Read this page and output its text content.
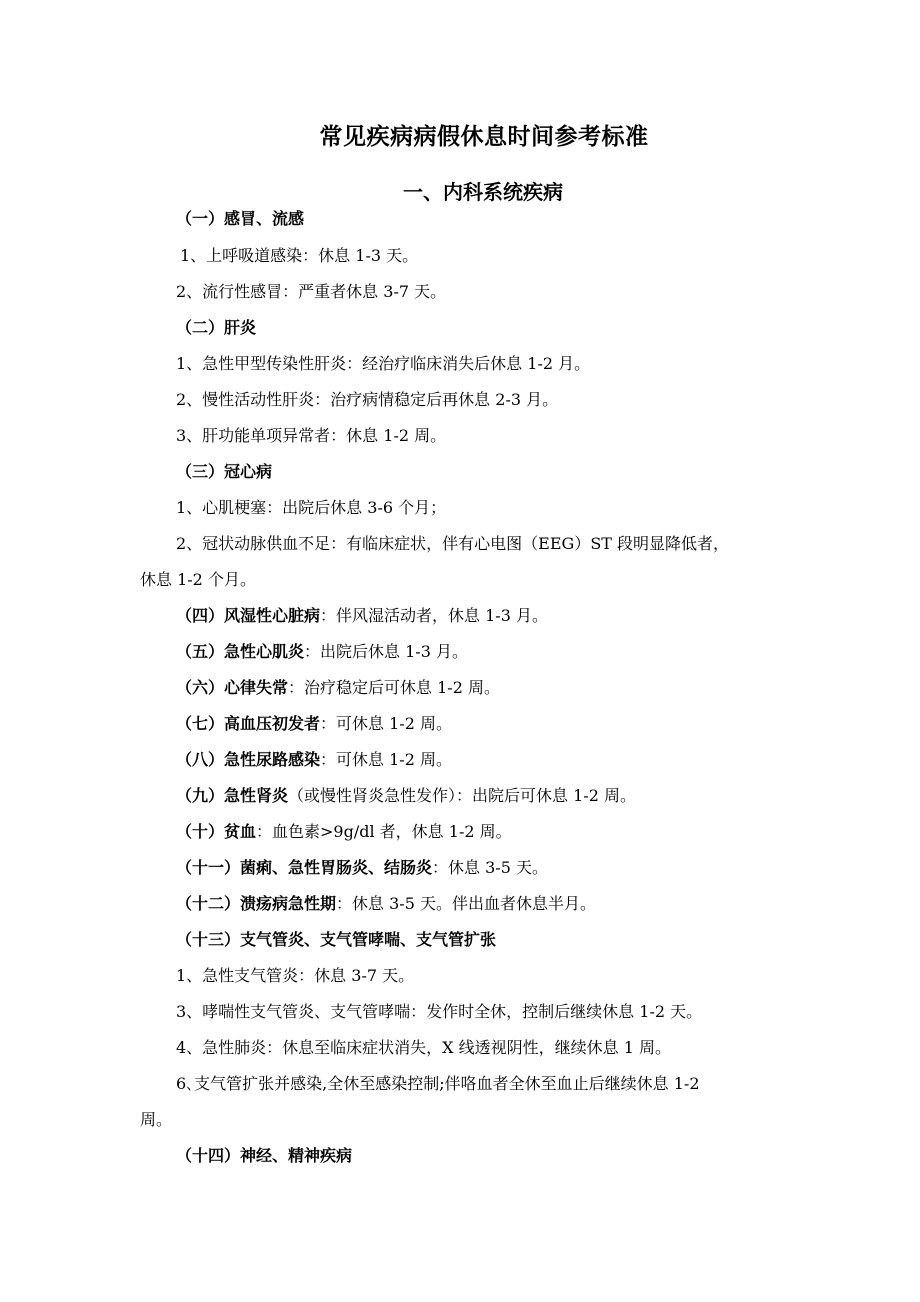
常见疾病病假休息时间参考标准
一、内科系统疾病

（一）感冒、流感

1、上呼吸道感染：休息 1-3 天。

2、流行性感冒：严重者休息 3-7 天。

（二）肝炎

1、急性甲型传染性肝炎：经治疗临床消失后休息 1-2 月。

2、慢性活动性肝炎：治疗病情稳定后再休息 2-3 月。

3、肝功能单项异常者：休息 1-2 周。

（三）冠心病

1、心肌梗塞：出院后休息 3-6 个月；

2、冠状动脉供血不足：有临床症状，伴有心电图（EEG）ST 段明显降低者，

休息 1-2 个月。

（四）风湿性心脏病：伴风湿活动者，休息 1-3 月。

（五）急性心肌炎：出院后休息 1-3 月。

（六）心律失常：治疗稳定后可休息 1-2 周。

（七）高血压初发者：可休息 1-2 周。

（八）急性尿路感染：可休息 1-2 周。

（九）急性肾炎（或慢性肾炎急性发作）：出院后可休息 1-2 周。

（十）贫血：血色素>9g/dl 者，休息 1-2 周。

（十一）菌痢、急性胃肠炎、结肠炎：休息 3-5 天。

（十二）溃疡病急性期：休息 3-5 天。伴出血者休息半月。

（十三）支气管炎、支气管哮喘、支气管扩张

1、急性支气管炎：休息 3-7 天。

3、哮喘性支气管炎、支气管哮喘：发作时全休，控制后继续休息 1-2 天。

4、急性肺炎：休息至临床症状消失，X 线透视阴性，继续休息 1 周。

6､支气管扩张并感染,全休至感染控制;伴咯血者全休至血止后继续休息 1-2

周。

（十四）神经、精神疾病
